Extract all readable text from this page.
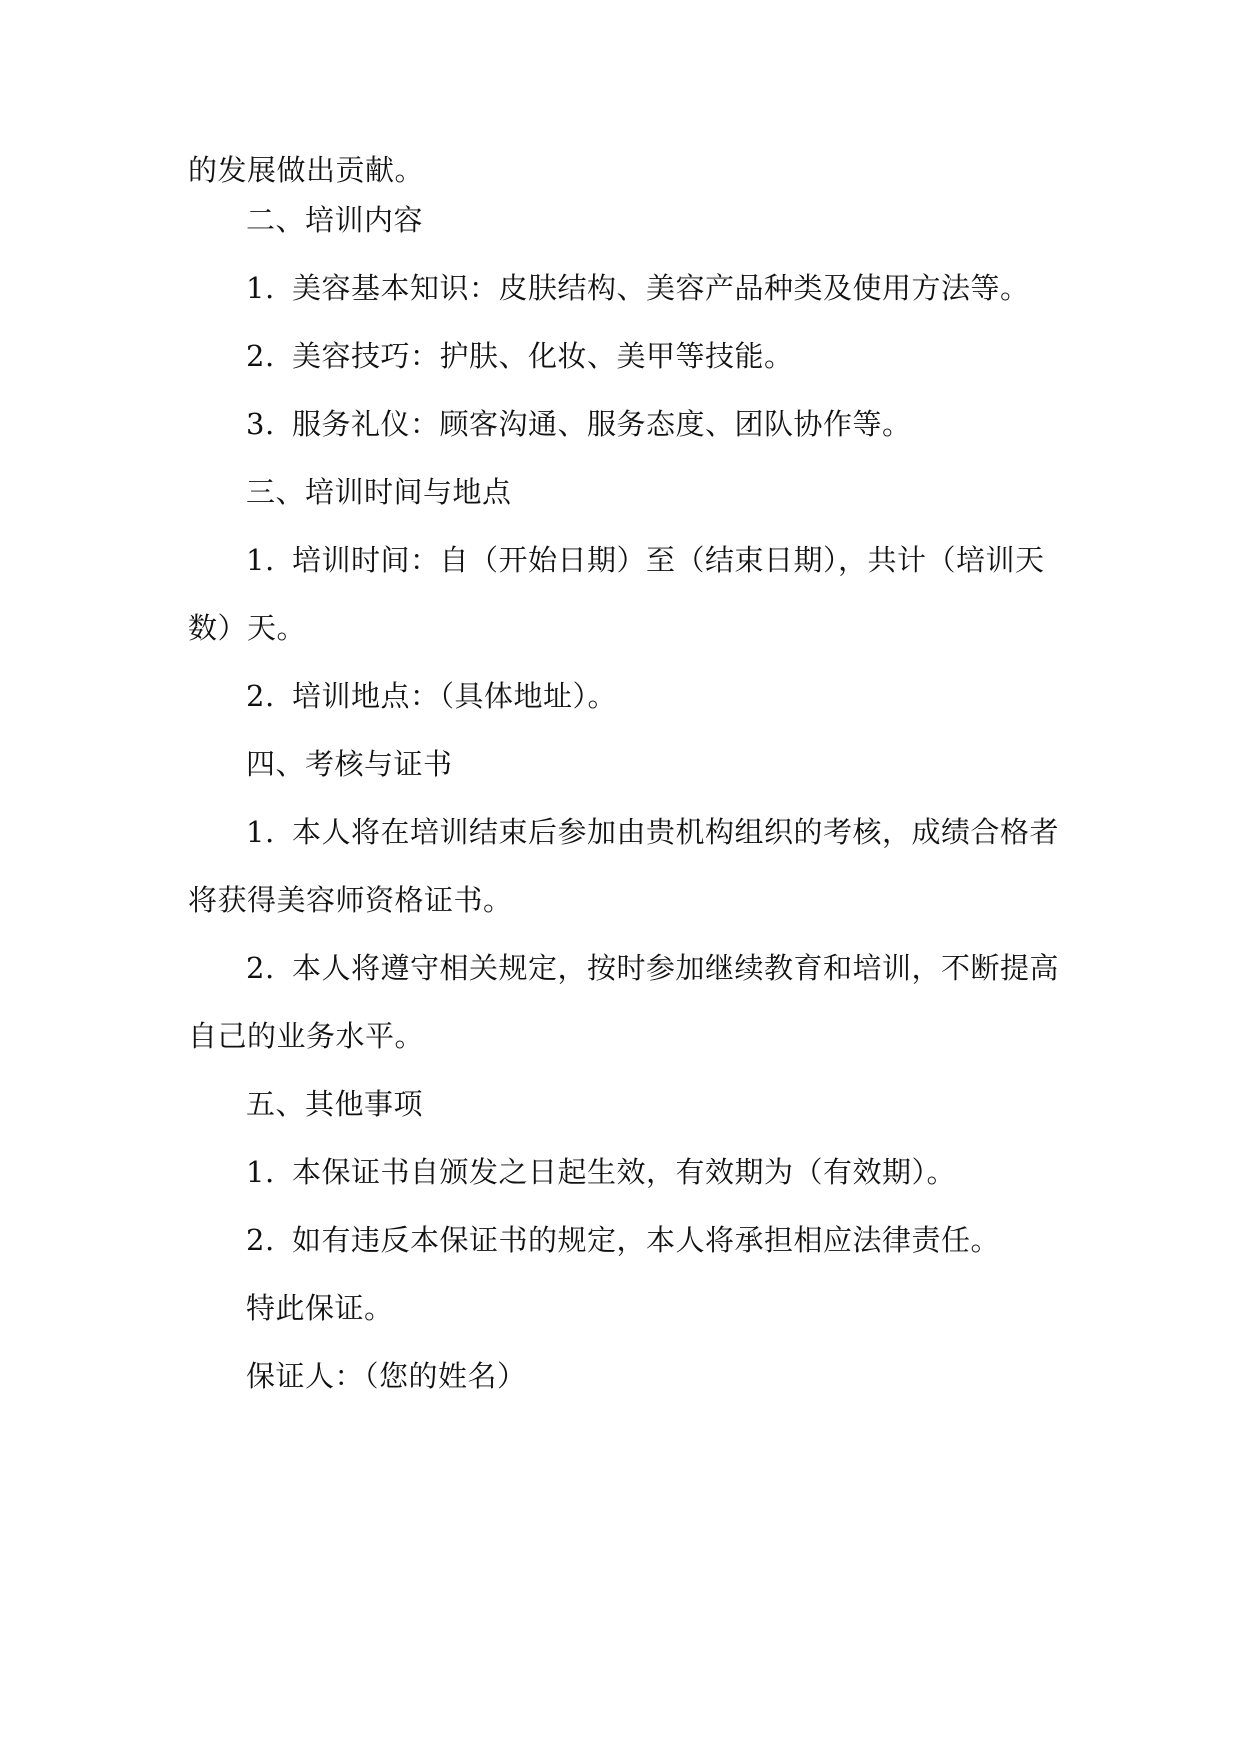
的发展做出贡献。
二、培训内容
1. 美容基本知识：皮肤结构、美容产品种类及使用方法等。
2. 美容技巧：护肤、化妆、美甲等技能。
3. 服务礼仪：顾客沟通、服务态度、团队协作等。
三、培训时间与地点
1. 培训时间：自（开始日期）至（结束日期），共计（培训天
数）天。
2. 培训地点：（具体地址）。
四、考核与证书
1. 本人将在培训结束后参加由贵机构组织的考核，成绩合格者
将获得美容师资格证书。
2. 本人将遵守相关规定，按时参加继续教育和培训，不断提高
自己的业务水平。
五、其他事项
1. 本保证书自颁发之日起生效，有效期为（有效期）。
2. 如有违反本保证书的规定，本人将承担相应法律责任。
特此保证。
保证人：（您的姓名）
